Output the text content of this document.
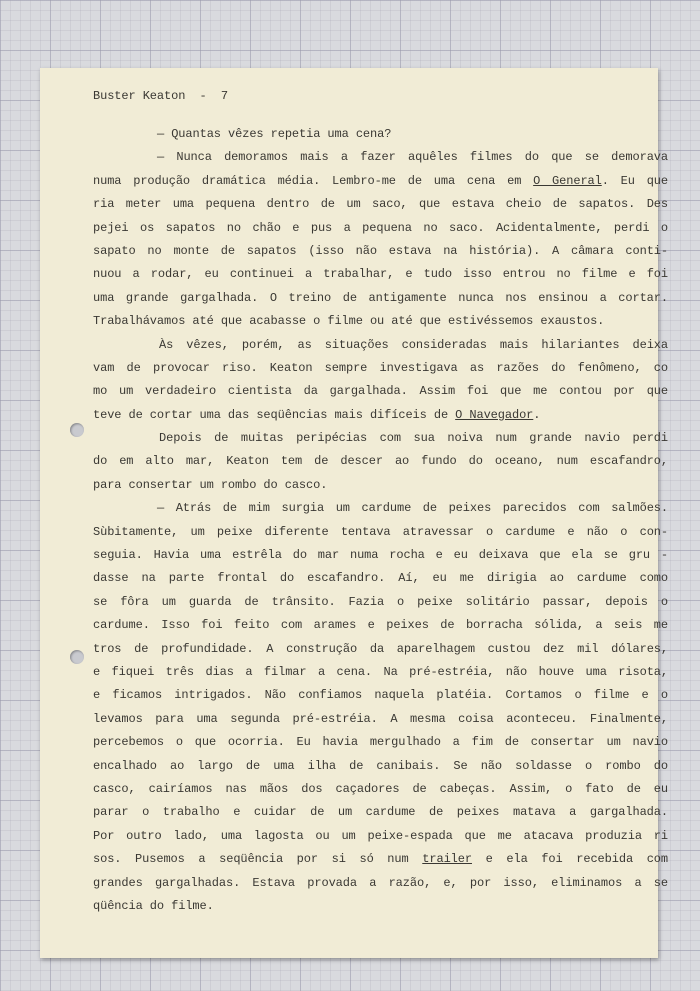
Buster Keaton  -  7
— Quantas vêzes repetia uma cena?
— Nunca demoramos mais a fazer aquêles filmes do que se demorava
numa produção dramática média. Lembro-me de uma cena em O General. Eu que
ria meter uma pequena dentro de um saco, que estava cheio de sapatos. Des
pejei os sapatos no chão e pus a pequena no saco. Acidentalmente, perdi o
sapato no monte de sapatos (isso não estava na história). A câmara conti-
nuou a rodar, eu continuei a trabalhar, e tudo isso entrou no filme e foi
uma grande gargalhada. O treino de antigamente nunca nos ensinou a cortar.
Trabalhávamos até que acabasse o filme ou até que estivéssemos exaustos.
Às vêzes, porém, as situações consideradas mais hilariantes deixa
vam de provocar riso. Keaton sempre investigava as razões do fenômeno, co
mo um verdadeiro cientista da gargalhada. Assim foi que me contou por que
teve de cortar uma das seqüências mais difíceis de O Navegador.
Depois de muitas peripécias com sua noiva num grande navio perdi
do em alto mar, Keaton tem de descer ao fundo do oceano, num escafandro,
para consertar um rombo do casco.
— Atrás de mim surgia um cardume de peixes parecidos com salmões.
Sùbitamente, um peixe diferente tentava atravessar o cardume e não o con-
seguia. Havia uma estrêla do mar numa rocha e eu deixava que ela se gru -
dasse na parte frontal do escafandro. Aí, eu me dirigia ao cardume como
se fôra um guarda de trânsito. Fazia o peixe solitário passar, depois o
cardume. Isso foi feito com arames e peixes de borracha sólida, a seis me
tros de profundidade. A construção da aparelhagem custou dez mil dólares,
e fiquei três dias a filmar a cena. Na pré-estréia, não houve uma risota,
e ficamos intrigados. Não confiamos naquela platéia. Cortamos o filme e o
levamos para uma segunda pré-estréia. A mesma coisa aconteceu. Finalmente,
percebemos o que ocorria. Eu havia mergulhado a fim de consertar um navio
encalhado ao largo de uma ilha de canibais. Se não soldasse o rombo do
casco, cairíamos nas mãos dos caçadores de cabeças. Assim, o fato de eu
parar o trabalho e cuidar de um cardume de peixes matava a gargalhada.
Por outro lado, uma lagosta ou um peixe-espada que me atacava produzia ri
sos. Pusemos a seqüência por si só num trailer e ela foi recebida com
grandes gargalhadas. Estava provada a razão, e, por isso, eliminamos a se
qüência do filme.
